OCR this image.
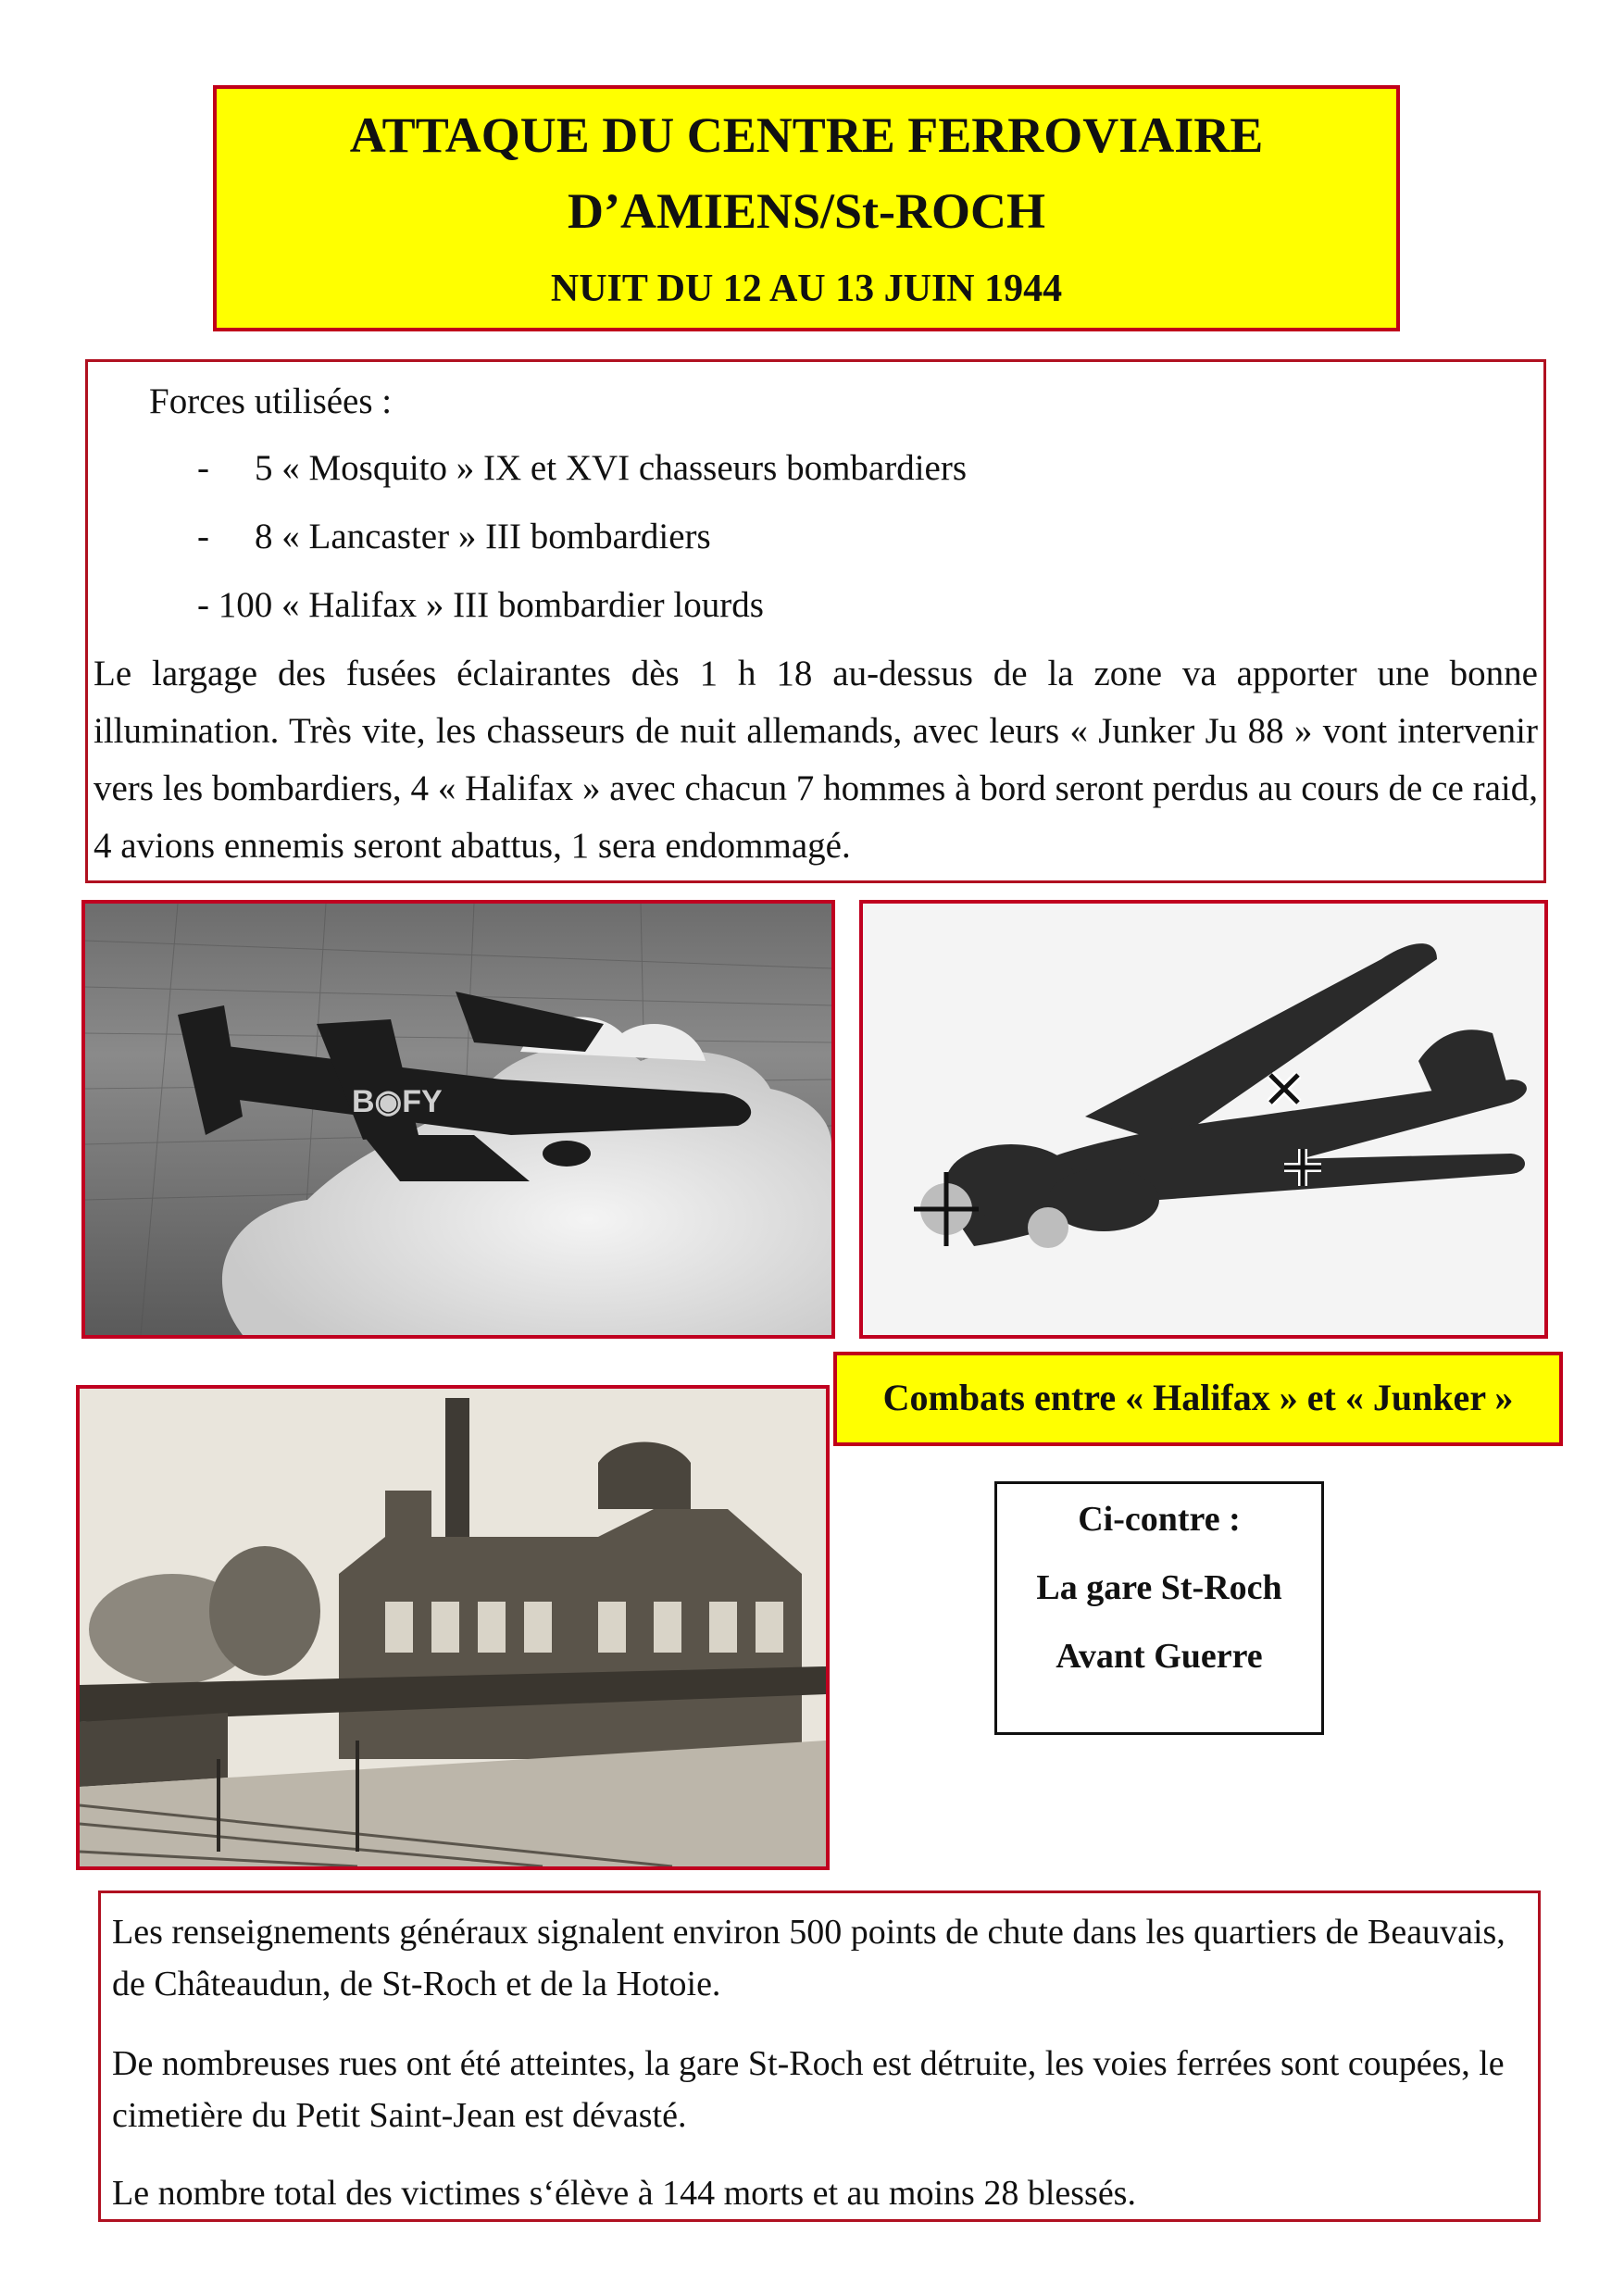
ATTAQUE DU CENTRE FERROVIAIRE
D’AMIENS/St-ROCH
NUIT DU 12 AU 13 JUIN 1944
Forces utilisées :
- 5 « Mosquito » IX et XVI chasseurs bombardiers
- 8 « Lancaster » III bombardiers
- 100 « Halifax » III bombardier lourds
Le largage des fusées éclairantes dès 1 h 18 au-dessus de la zone va apporter une bonne illumination. Très vite, les chasseurs de nuit allemands, avec leurs « Junker Ju 88 » vont intervenir vers les bombardiers, 4 « Halifax » avec chacun 7 hommes à bord seront perdus au cours de ce raid, 4 avions ennemis seront abattus, 1 sera endommagé.
B◉FY
Combats entre « Halifax » et « Junker »
Ci-contre :
La gare St-Roch
Avant Guerre

Les renseignements généraux signalent environ 500 points de chute dans les quartiers de Beauvais, de Châteaudun, de St-Roch et de la Hotoie.

De nombreuses rues ont été atteintes, la gare St-Roch est détruite, les voies ferrées sont coupées, le cimetière du Petit Saint-Jean est dévasté.

Le nombre total des victimes s‘élève à 144 morts et au moins 28 blessés.
